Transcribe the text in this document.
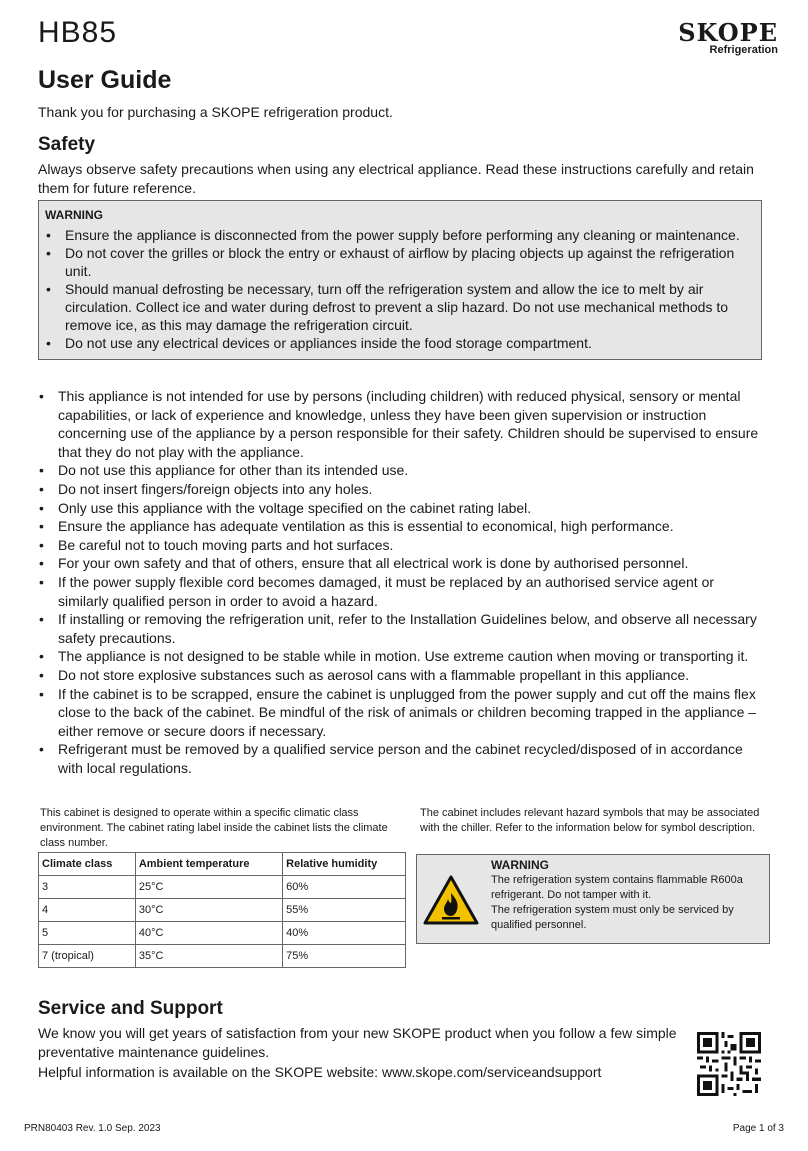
HB85	SKOPE
Refrigeration
User Guide

Thank you for purchasing a SKOPE refrigeration product.

Safety

Always observe safety precautions when using any electrical appliance. Read these instructions carefully and retain them for future reference.

WARNING
• Ensure the appliance is disconnected from the power supply before performing any cleaning or maintenance.
• Do not cover the grilles or block the entry or exhaust of airflow by placing objects up against the refrigeration unit.
• Should manual defrosting be necessary, turn off the refrigeration system and allow the ice to melt by air circulation. Collect ice and water during defrost to prevent a slip hazard. Do not use mechanical methods to remove ice, as this may damage the refrigeration circuit.
• Do not use any electrical devices or appliances inside the food storage compartment.
• This appliance is not intended for use by persons (including children) with reduced physical, sensory or mental capabilities, or lack of experience and knowledge, unless they have been given supervision or instruction concerning use of the appliance by a person responsible for their safety. Children should be supervised to ensure that they do not play with the appliance.
• Do not use this appliance for other than its intended use.
• Do not insert fingers/foreign objects into any holes.
• Only use this appliance with the voltage specified on the cabinet rating label.
• Ensure the appliance has adequate ventilation as this is essential to economical, high performance.
• Be careful not to touch moving parts and hot surfaces.
• For your own safety and that of others, ensure that all electrical work is done by authorised personnel.
• If the power supply flexible cord becomes damaged, it must be replaced by an authorised service agent or similarly qualified person in order to avoid a hazard.
• If installing or removing the refrigeration unit, refer to the Installation Guidelines below, and observe all necessary safety precautions.
• The appliance is not designed to be stable while in motion. Use extreme caution when moving or transporting it.
• Do not store explosive substances such as aerosol cans with a flammable propellant in this appliance.
• If the cabinet is to be scrapped, ensure the cabinet is unplugged from the power supply and cut off the mains flex close to the back of the cabinet. Be mindful of the risk of animals or children becoming trapped in the appliance – either remove or secure doors if necessary.
• Refrigerant must be removed by a qualified service person and the cabinet recycled/disposed of in accordance with local regulations.

This cabinet is designed to operate within a specific climatic class environment. The cabinet rating label inside the cabinet lists the climate class number.

Climate class	Ambient temperature	Relative humidity
3	25°C	60%
4	30°C	55%
5	40°C	40%
7 (tropical)	35°C	75%

The cabinet includes relevant hazard symbols that may be associated with the chiller. Refer to the information below for symbol description.

WARNING
The refrigeration system contains flammable R600a refrigerant. Do not tamper with it.
The refrigeration system must only be serviced by qualified personnel.
Service and Support

We know you will get years of satisfaction from your new SKOPE product when you follow a few simple preventative maintenance guidelines.

Helpful information is available on the SKOPE website: www.skope.com/serviceandsupport

PRN80403 Rev. 1.0 Sep. 2023	Page 1 of 3
